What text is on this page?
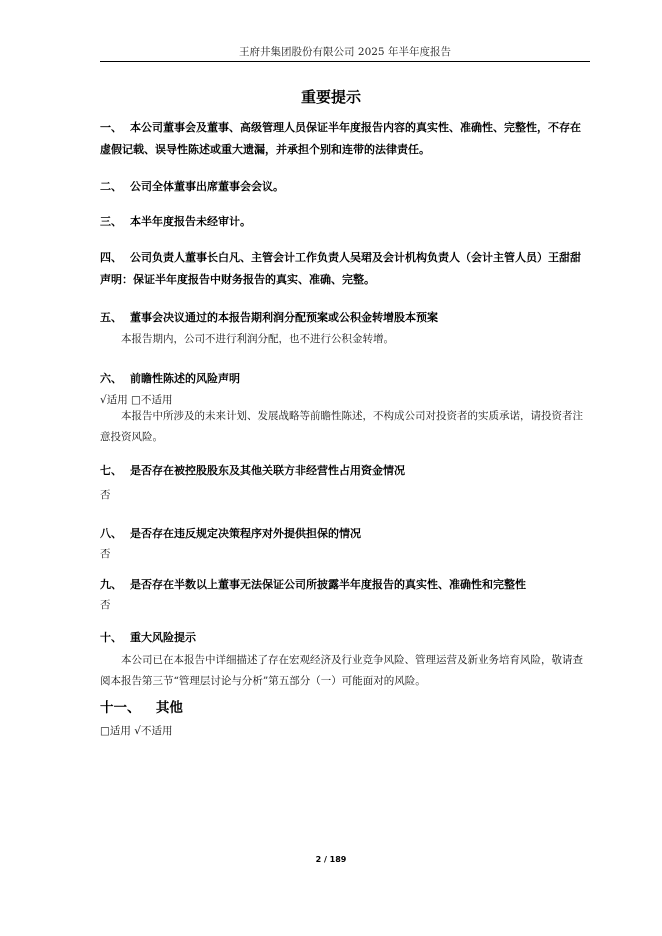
王府井集团股份有限公司 2025 年半年度报告
重要提示
一、 本公司董事会及董事、高级管理人员保证半年度报告内容的真实性、准确性、完整性，不存在虚假记载、误导性陈述或重大遗漏，并承担个别和连带的法律责任。
二、 公司全体董事出席董事会会议。
三、 本半年度报告未经审计。
四、 公司负责人董事长白凡、主管会计工作负责人吴珺及会计机构负责人（会计主管人员）王甜甜声明：保证半年度报告中财务报告的真实、准确、完整。
五、 董事会决议通过的本报告期利润分配预案或公积金转增股本预案
本报告期内，公司不进行利润分配，也不进行公积金转增。
六、 前瞻性陈述的风险声明
√适用 □不适用
本报告中所涉及的未来计划、发展战略等前瞻性陈述，不构成公司对投资者的实质承诺，请投资者注意投资风险。
七、 是否存在被控股股东及其他关联方非经营性占用资金情况
否
八、 是否存在违反规定决策程序对外提供担保的情况
否
九、 是否存在半数以上董事无法保证公司所披露半年度报告的真实性、准确性和完整性
否
十、 重大风险提示
本公司已在本报告中详细描述了存在宏观经济及行业竞争风险、管理运营及新业务培育风险，敬请查阅本报告第三节“管理层讨论与分析”第五部分（一）可能面对的风险。
十一、 其他
□适用 √不适用
2 / 189
